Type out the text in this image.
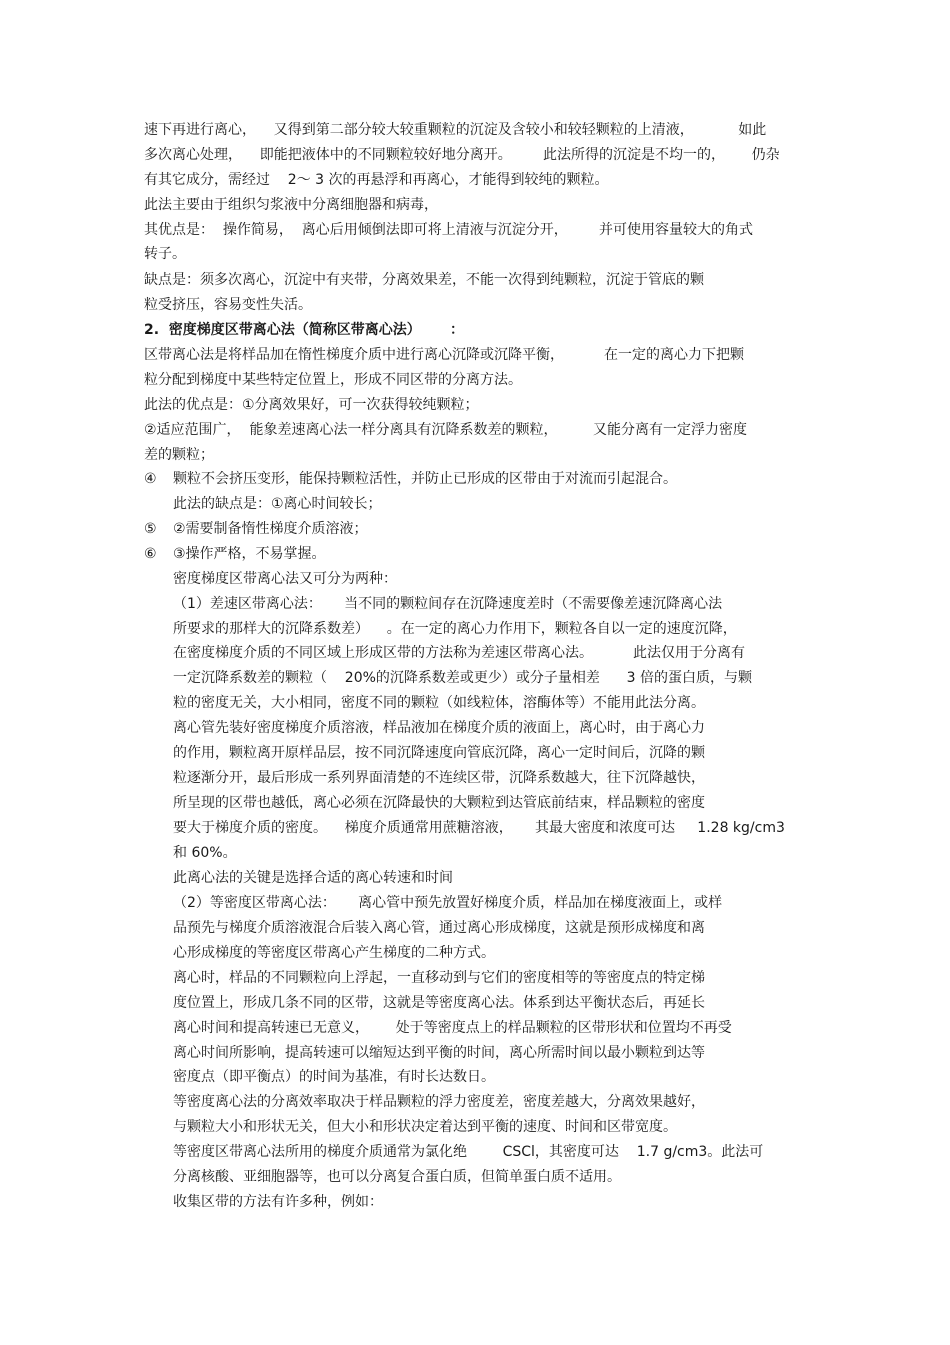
速下再进行离心，    又得到第二部分较大较重颗粒的沉淀及含较小和较轻颗粒的上清液，          如此
多次离心处理，    即能把液体中的不同颗粒较好地分离开。       此法所得的沉淀是不均一的，      仍杂
有其它成分，需经过    2～ 3 次的再悬浮和再离心，才能得到较纯的颗粒。
此法主要由于组织匀浆液中分离细胞器和病毒，
其优点是：  操作简易，  离心后用倾倒法即可将上清液与沉淀分开，       并可使用容量较大的角式
转子。
缺点是：须多次离心，沉淀中有夹带，分离效果差，不能一次得到纯颗粒，沉淀于管底的颗
粒受挤压，容易变性失活。
2.  密度梯度区带离心法（简称区带离心法）      ：
区带离心法是将样品加在惰性梯度介质中进行离心沉降或沉降平衡，         在一定的离心力下把颗
粒分配到梯度中某些特定位置上，形成不同区带的分离方法。
此法的优点是：①分离效果好，可一次获得较纯颗粒；
②适应范围广，  能象差速离心法一样分离具有沉降系数差的颗粒，        又能分离有一定浮力密度
差的颗粒；
④ 颗粒不会挤压变形，能保持颗粒活性，并防止已形成的区带由于对流而引起混合。
此法的缺点是：①离心时间较长；
⑤ ②需要制备惰性梯度介质溶液；
⑥ ③操作严格，不易掌握。
密度梯度区带离心法又可分为两种：
（1）差速区带离心法：     当不同的颗粒间存在沉降速度差时（不需要像差速沉降离心法
所要求的那样大的沉降系数差）    。在一定的离心力作用下，颗粒各自以一定的速度沉降，
在密度梯度介质的不同区域上形成区带的方法称为差速区带离心法。         此法仅用于分离有
一定沉降系数差的颗粒（    20%的沉降系数差或更少）或分子量相差      3 倍的蛋白质，与颗
粒的密度无关，大小相同，密度不同的颗粒（如线粒体，溶酶体等）不能用此法分离。
离心管先装好密度梯度介质溶液，样品液加在梯度介质的液面上，离心时，由于离心力
的作用，颗粒离开原样品层，按不同沉降速度向管底沉降，离心一定时间后，沉降的颗
粒逐渐分开，最后形成一系列界面清楚的不连续区带，沉降系数越大，往下沉降越快，
所呈现的区带也越低，离心必须在沉降最快的大颗粒到达管底前结束，样品颗粒的密度
要大于梯度介质的密度。    梯度介质通常用蔗糖溶液，     其最大密度和浓度可达     1.28 kg/cm3
和 60%。
此离心法的关键是选择合适的离心转速和时间
（2）等密度区带离心法：     离心管中预先放置好梯度介质，样品加在梯度液面上，或样
品预先与梯度介质溶液混合后装入离心管，通过离心形成梯度，这就是预形成梯度和离
心形成梯度的等密度区带离心产生梯度的二种方式。
离心时，样品的不同颗粒向上浮起，一直移动到与它们的密度相等的等密度点的特定梯
度位置上，形成几条不同的区带，这就是等密度离心法。体系到达平衡状态后，再延长
离心时间和提高转速已无意义，      处于等密度点上的样品颗粒的区带形状和位置均不再受
离心时间所影响，提高转速可以缩短达到平衡的时间，离心所需时间以最小颗粒到达等
密度点（即平衡点）的时间为基准，有时长达数日。
等密度离心法的分离效率取决于样品颗粒的浮力密度差，密度差越大，分离效果越好，
与颗粒大小和形状无关，但大小和形状决定着达到平衡的速度、时间和区带宽度。
等密度区带离心法所用的梯度介质通常为氯化绝        CSCl，其密度可达    1.7 g/cm3。此法可
分离核酸、亚细胞器等，也可以分离复合蛋白质，但简单蛋白质不适用。
收集区带的方法有许多种，例如：
